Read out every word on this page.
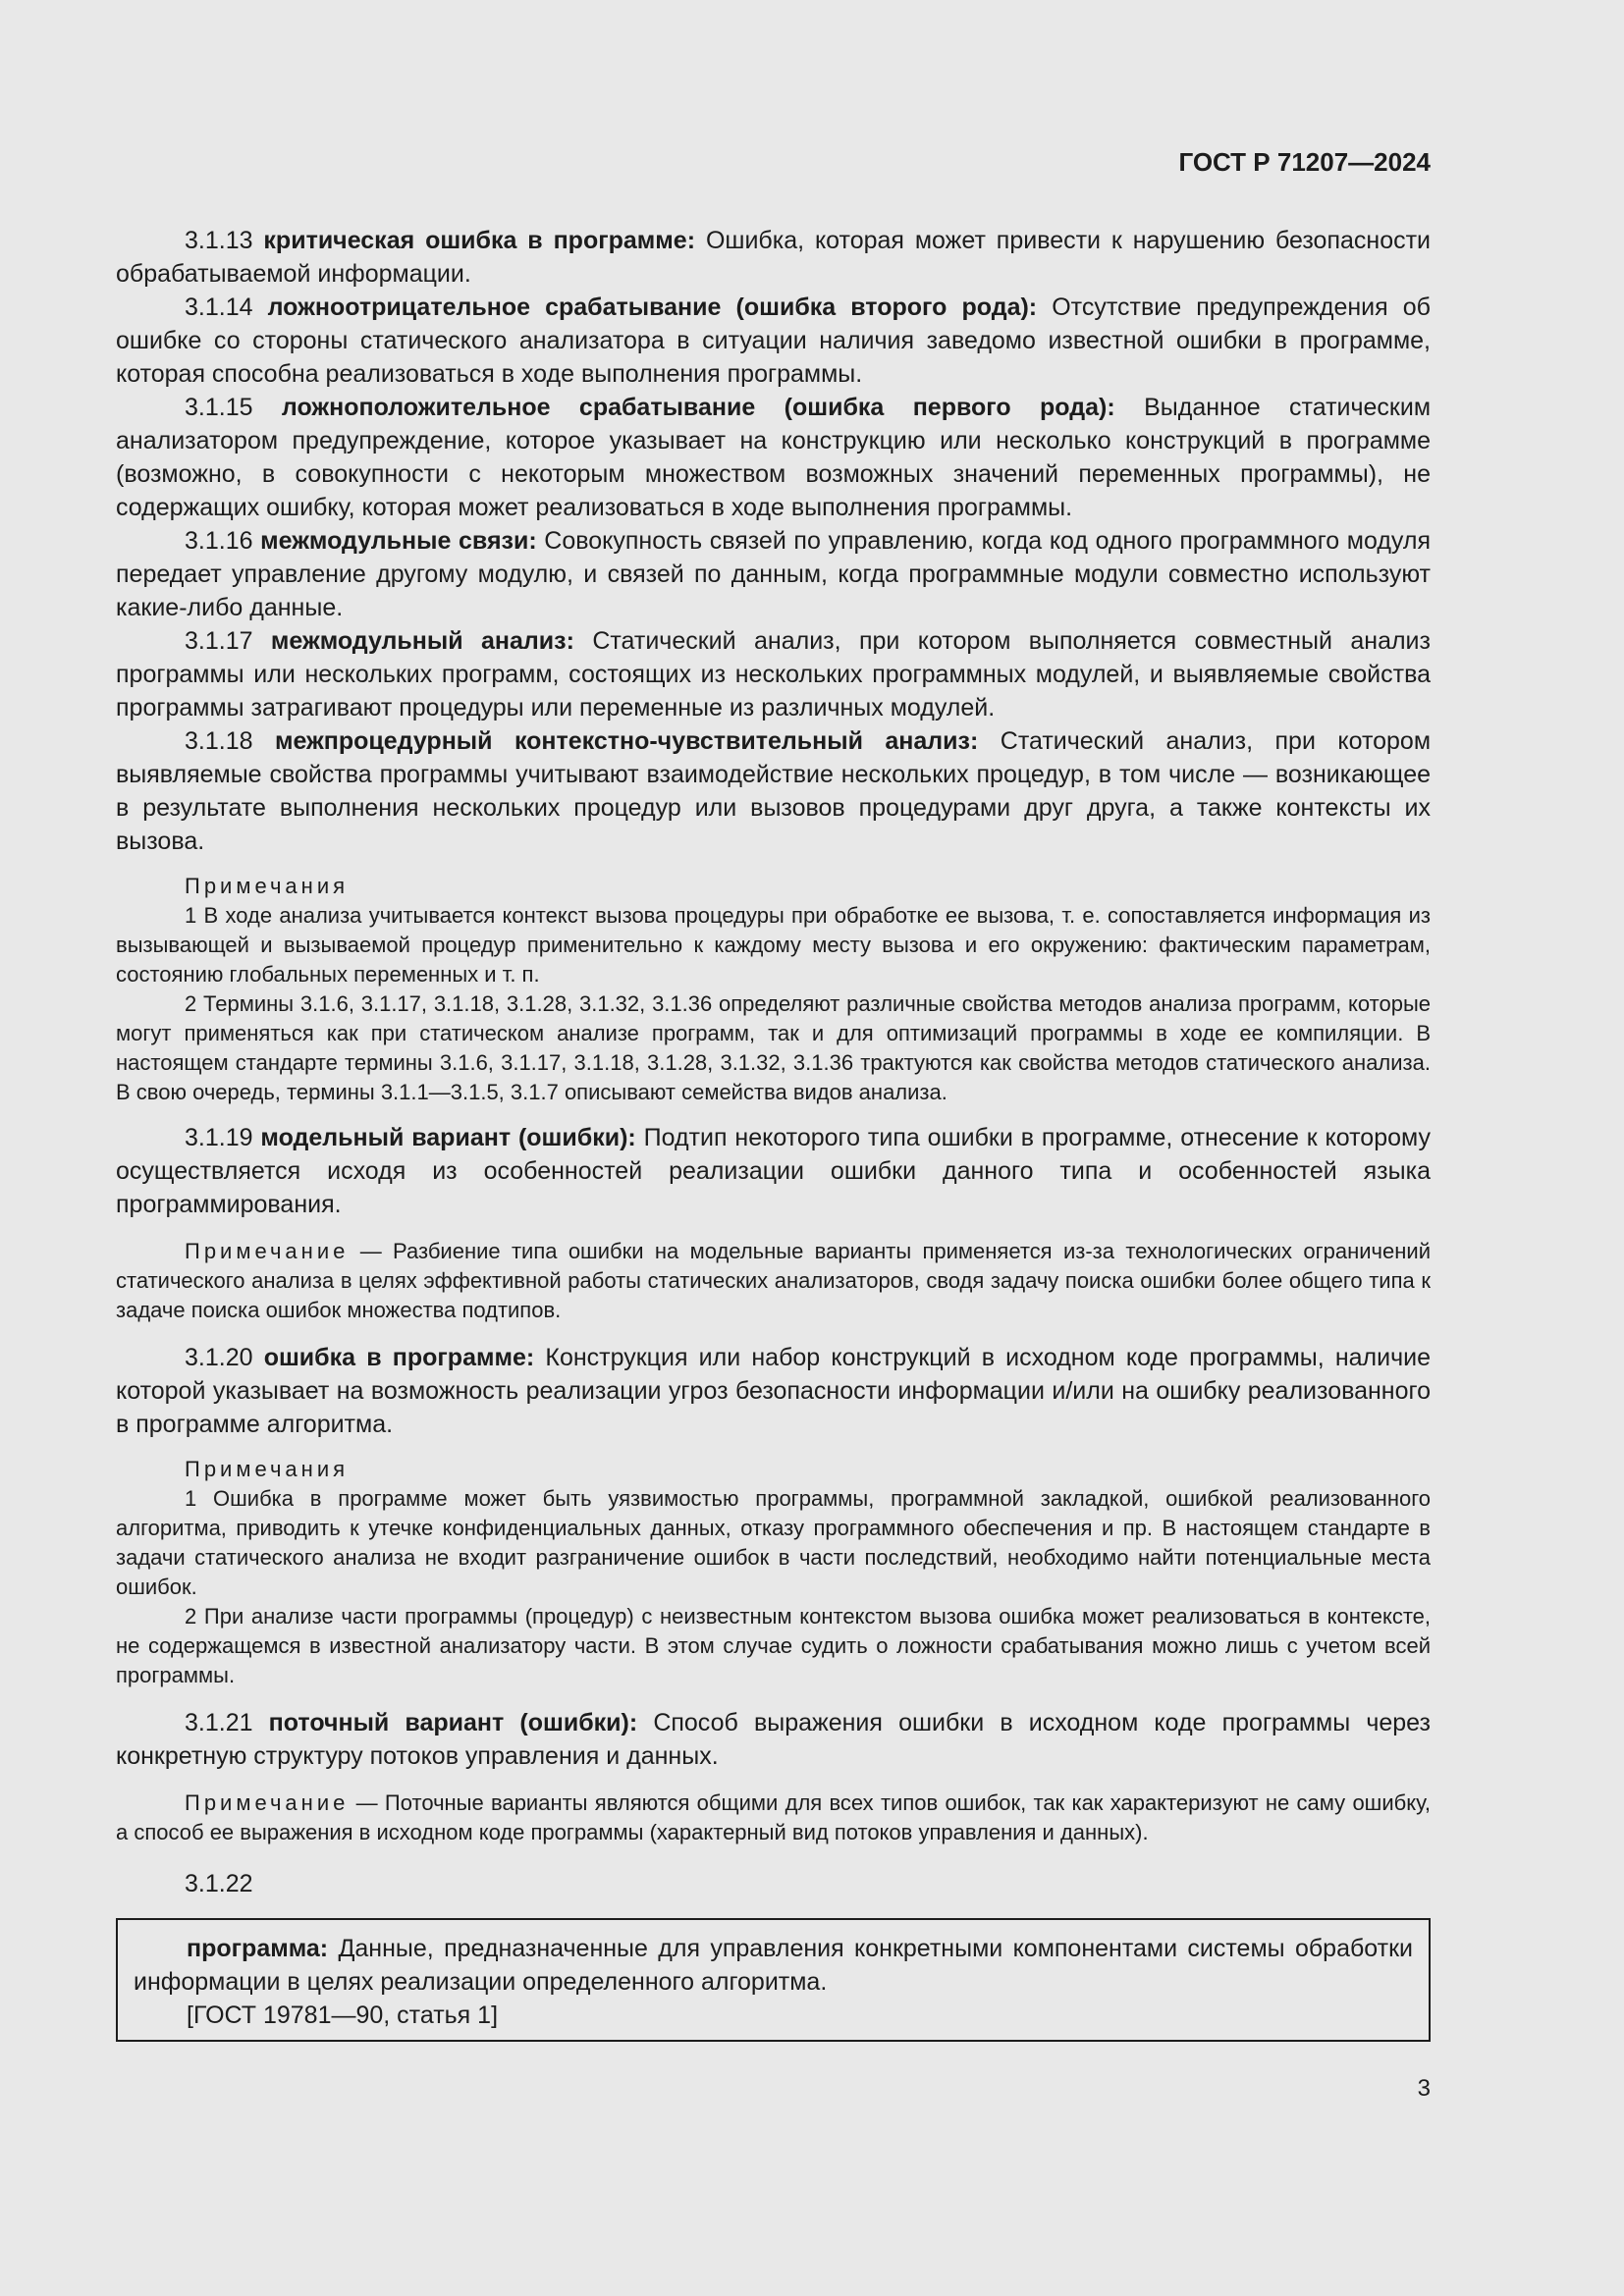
ГОСТ Р 71207—2024

3.1.13 критическая ошибка в программе: Ошибка, которая может привести к нарушению безопасности обрабатываемой информации.

3.1.14 ложноотрицательное срабатывание (ошибка второго рода): Отсутствие предупреждения об ошибке со стороны статического анализатора в ситуации наличия заведомо известной ошибки в программе, которая способна реализоваться в ходе выполнения программы.

3.1.15 ложноположительное срабатывание (ошибка первого рода): Выданное статическим анализатором предупреждение, которое указывает на конструкцию или несколько конструкций в программе (возможно, в совокупности с некоторым множеством возможных значений переменных программы), не содержащих ошибку, которая может реализоваться в ходе выполнения программы.

3.1.16 межмодульные связи: Совокупность связей по управлению, когда код одного программного модуля передает управление другому модулю, и связей по данным, когда программные модули совместно используют какие-либо данные.

3.1.17 межмодульный анализ: Статический анализ, при котором выполняется совместный анализ программы или нескольких программ, состоящих из нескольких программных модулей, и выявляемые свойства программы затрагивают процедуры или переменные из различных модулей.

3.1.18 межпроцедурный контекстно-чувствительный анализ: Статический анализ, при котором выявляемые свойства программы учитывают взаимодействие нескольких процедур, в том числе — возникающее в результате выполнения нескольких процедур или вызовов процедурами друг друга, а также контексты их вызова.

Примечания

1 В ходе анализа учитывается контекст вызова процедуры при обработке ее вызова, т. е. сопоставляется информация из вызывающей и вызываемой процедур применительно к каждому месту вызова и его окружению: фактическим параметрам, состоянию глобальных переменных и т. п.

2 Термины 3.1.6, 3.1.17, 3.1.18, 3.1.28, 3.1.32, 3.1.36 определяют различные свойства методов анализа программ, которые могут применяться как при статическом анализе программ, так и для оптимизаций программы в ходе ее компиляции. В настоящем стандарте термины 3.1.6, 3.1.17, 3.1.18, 3.1.28, 3.1.32, 3.1.36 трактуются как свойства методов статического анализа. В свою очередь, термины 3.1.1—3.1.5, 3.1.7 описывают семейства видов анализа.

3.1.19 модельный вариант (ошибки): Подтип некоторого типа ошибки в программе, отнесение к которому осуществляется исходя из особенностей реализации ошибки данного типа и особенностей языка программирования.

Примечание — Разбиение типа ошибки на модельные варианты применяется из-за технологических ограничений статического анализа в целях эффективной работы статических анализаторов, сводя задачу поиска ошибки более общего типа к задаче поиска ошибок множества подтипов.

3.1.20 ошибка в программе: Конструкция или набор конструкций в исходном коде программы, наличие которой указывает на возможность реализации угроз безопасности информации и/или на ошибку реализованного в программе алгоритма.

Примечания

1 Ошибка в программе может быть уязвимостью программы, программной закладкой, ошибкой реализованного алгоритма, приводить к утечке конфиденциальных данных, отказу программного обеспечения и пр. В настоящем стандарте в задачи статического анализа не входит разграничение ошибок в части последствий, необходимо найти потенциальные места ошибок.

2 При анализе части программы (процедур) с неизвестным контекстом вызова ошибка может реализоваться в контексте, не содержащемся в известной анализатору части. В этом случае судить о ложности срабатывания можно лишь с учетом всей программы.

3.1.21 поточный вариант (ошибки): Способ выражения ошибки в исходном коде программы через конкретную структуру потоков управления и данных.

Примечание — Поточные варианты являются общими для всех типов ошибок, так как характеризуют не саму ошибку, а способ ее выражения в исходном коде программы (характерный вид потоков управления и данных).

3.1.22

программа: Данные, предназначенные для управления конкретными компонентами системы обработки информации в целях реализации определенного алгоритма.

[ГОСТ 19781—90, статья 1]

3
